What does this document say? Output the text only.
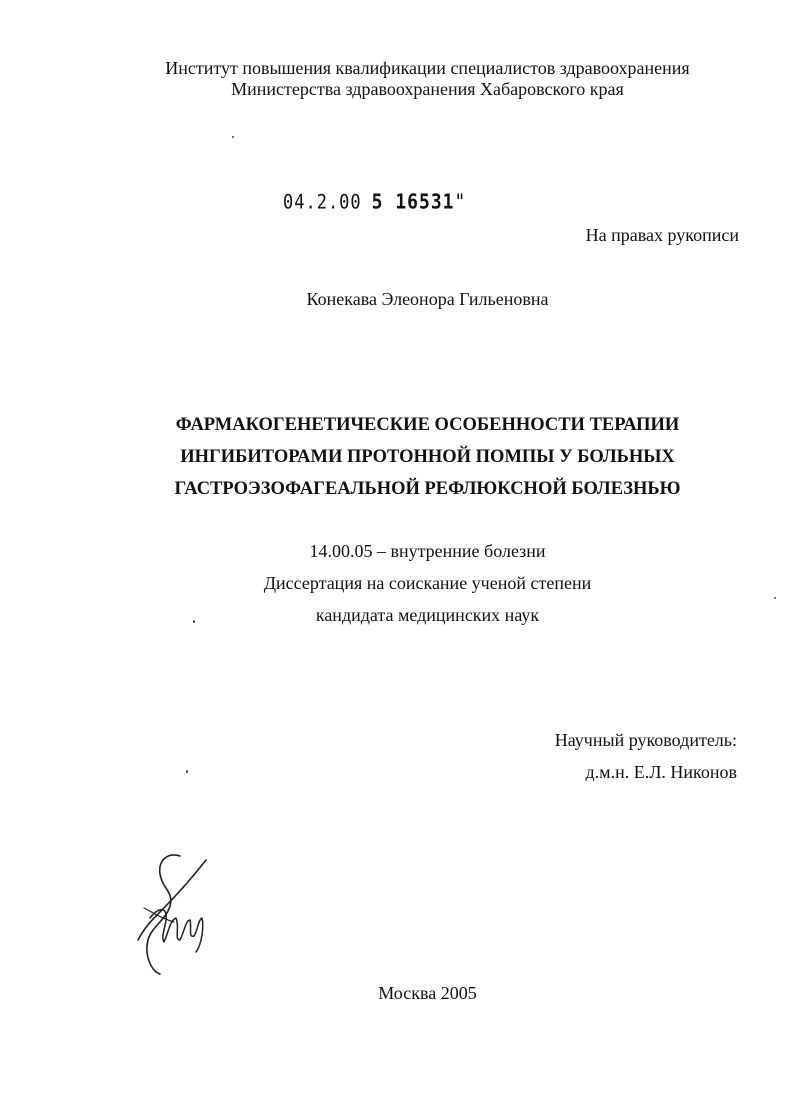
Институт повышения квалификации специалистов здравоохранения
Министерства здравоохранения Хабаровского края
04.2.00 5 16531"
На правах рукописи
Конекава Элеонора Гильеновна
ФАРМАКОГЕНЕТИЧЕСКИЕ ОСОБЕННОСТИ ТЕРАПИИ
ИНГИБИТОРАМИ ПРОТОННОЙ ПОМПЫ У БОЛЬНЫХ
ГАСТРОЭЗОФАГЕАЛЬНОЙ РЕФЛЮКСНОЙ БОЛЕЗНЬЮ
14.00.05 – внутренние болезни
Диссертация на соискание ученой степени
кандидата медицинских наук
Научный руководитель:
д.м.н. Е.Л. Никонов
Москва 2005
